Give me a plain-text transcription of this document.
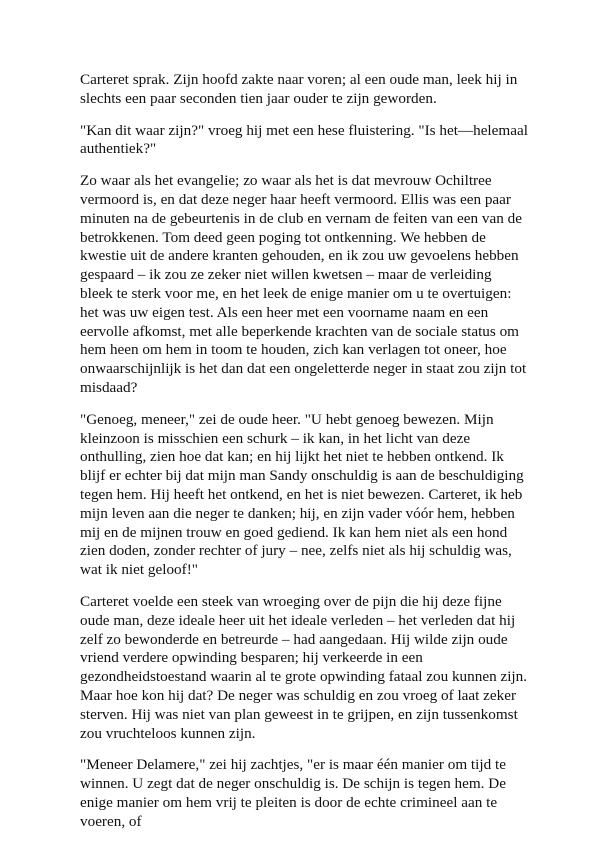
Carteret sprak. Zijn hoofd zakte naar voren; al een oude man, leek hij in slechts een paar seconden tien jaar ouder te zijn geworden.

"Kan dit waar zijn?" vroeg hij met een hese fluistering. "Is het—helemaal authentiek?"

Zo waar als het evangelie; zo waar als het is dat mevrouw Ochiltree vermoord is, en dat deze neger haar heeft vermoord. Ellis was een paar minuten na de gebeurtenis in de club en vernam de feiten van een van de betrokkenen. Tom deed geen poging tot ontkenning. We hebben de kwestie uit de andere kranten gehouden, en ik zou uw gevoelens hebben gespaard – ik zou ze zeker niet willen kwetsen – maar de verleiding bleek te sterk voor me, en het leek de enige manier om u te overtuigen: het was uw eigen test. Als een heer met een voorname naam en een eervolle afkomst, met alle beperkende krachten van de sociale status om hem heen om hem in toom te houden, zich kan verlagen tot oneer, hoe onwaarschijnlijk is het dan dat een ongeletterde neger in staat zou zijn tot misdaad?

"Genoeg, meneer," zei de oude heer. "U hebt genoeg bewezen. Mijn kleinzoon is misschien een schurk – ik kan, in het licht van deze onthulling, zien hoe dat kan; en hij lijkt het niet te hebben ontkend. Ik blijf er echter bij dat mijn man Sandy onschuldig is aan de beschuldiging tegen hem. Hij heeft het ontkend, en het is niet bewezen. Carteret, ik heb mijn leven aan die neger te danken; hij, en zijn vader vóór hem, hebben mij en de mijnen trouw en goed gediend. Ik kan hem niet als een hond zien doden, zonder rechter of jury – nee, zelfs niet als hij schuldig was, wat ik niet geloof!"

Carteret voelde een steek van wroeging over de pijn die hij deze fijne oude man, deze ideale heer uit het ideale verleden – het verleden dat hij zelf zo bewonderde en betreurde – had aangedaan. Hij wilde zijn oude vriend verdere opwinding besparen; hij verkeerde in een gezondheidstoestand waarin al te grote opwinding fataal zou kunnen zijn. Maar hoe kon hij dat? De neger was schuldig en zou vroeg of laat zeker sterven. Hij was niet van plan geweest in te grijpen, en zijn tussenkomst zou vruchteloos kunnen zijn.

"Meneer Delamere," zei hij zachtjes, "er is maar één manier om tijd te winnen. U zegt dat de neger onschuldig is. De schijn is tegen hem. De enige manier om hem vrij te pleiten is door de echte crimineel aan te voeren, of
